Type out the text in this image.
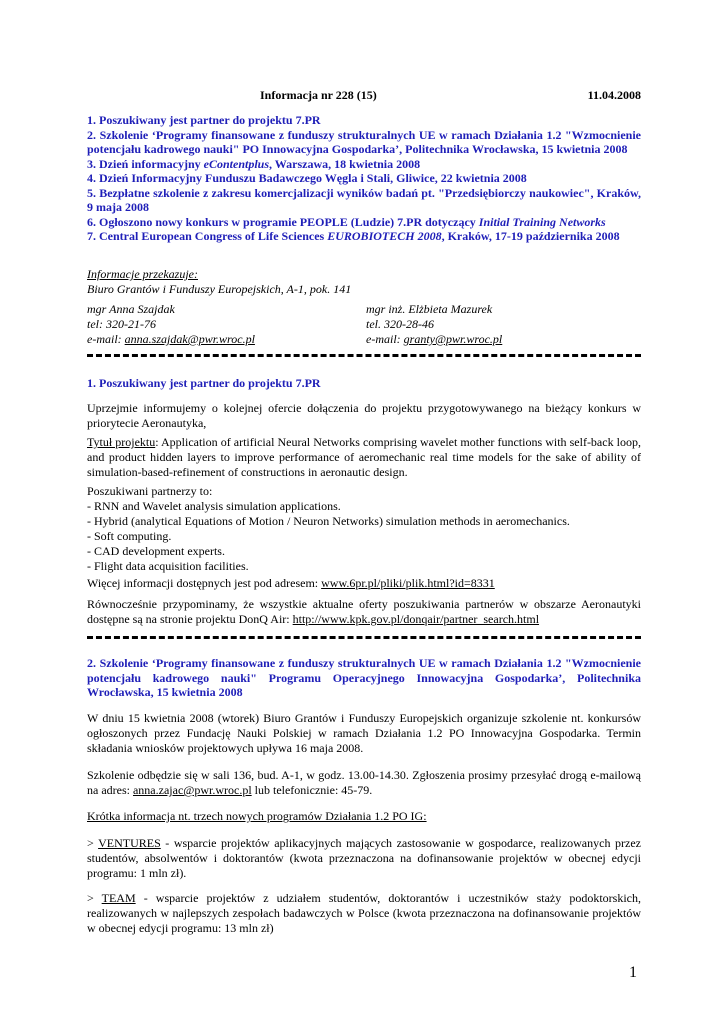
Informacja nr 228 (15)	11.04.2008
1. Poszukiwany jest partner do projektu 7.PR
2. Szkolenie ‘Programy finansowane z funduszy strukturalnych UE w ramach Działania 1.2 "Wzmocnienie potencjału kadrowego nauki" PO Innowacyjna Gospodarka’, Politechnika Wrocławska, 15 kwietnia 2008
3. Dzień informacyjny eContentplus, Warszawa, 18 kwietnia 2008
4. Dzień Informacyjny Funduszu Badawczego Węgla i Stali, Gliwice, 22 kwietnia 2008
5. Bezpłatne szkolenie z zakresu komercjalizacji wyników badań pt. "Przedsiębiorczy naukowiec", Kraków, 9 maja 2008
6. Ogłoszono nowy konkurs w programie PEOPLE (Ludzie) 7.PR dotyczący Initial Training Networks
7. Central European Congress of Life Sciences EUROBIOTECH 2008, Kraków, 17-19 października 2008
Informacje przekazuje:
Biuro Grantów i Funduszy Europejskich, A-1, pok. 141
mgr Anna Szajdak
tel: 320-21-76
e-mail: anna.szajdak@pwr.wroc.pl
mgr inż. Elżbieta Mazurek
tel. 320-28-46
e-mail: granty@pwr.wroc.pl
1. Poszukiwany jest partner do projektu 7.PR
Uprzejmie informujemy o kolejnej ofercie dołączenia do projektu przygotowywanego na bieżący konkurs w priorytecie Aeronautyka,
Tytuł projektu: Application of artificial Neural Networks comprising wavelet mother functions with self-back loop, and product hidden layers to improve performance of aeromechanic real time models for the sake of ability of simulation-based-refinement of constructions in aeronautic design.
Poszukiwani partnerzy to:
- RNN and Wavelet analysis simulation applications.
- Hybrid (analytical Equations of Motion / Neuron Networks) simulation methods in aeromechanics.
- Soft computing.
- CAD development experts.
- Flight data acquisition facilities.
Więcej informacji dostępnych jest pod adresem: www.6pr.pl/pliki/plik.html?id=8331
Równocześnie przypominamy, że wszystkie aktualne oferty poszukiwania partnerów w obszarze Aeronautyki dostępne są na stronie projektu DonQ Air: http://www.kpk.gov.pl/donqair/partner_search.html
2. Szkolenie ‘Programy finansowane z funduszy strukturalnych UE w ramach Działania 1.2 "Wzmocnienie potencjału kadrowego nauki" Programu Operacyjnego Innowacyjna Gospodarka’, Politechnika Wrocławska, 15 kwietnia 2008
W dniu 15 kwietnia 2008 (wtorek) Biuro Grantów i Funduszy Europejskich organizuje szkolenie nt. konkursów ogłoszonych przez Fundację Nauki Polskiej w ramach Działania 1.2 PO Innowacyjna Gospodarka. Termin składania wniosków projektowych upływa 16 maja 2008.
Szkolenie odbędzie się w sali 136, bud. A-1, w godz. 13.00-14.30. Zgłoszenia prosimy przesyłać drogą e-mailową na adres: anna.zajac@pwr.wroc.pl lub telefonicznie: 45-79.
Krótka informacja nt. trzech nowych programów Działania 1.2 PO IG:
> VENTURES - wsparcie projektów aplikacyjnych mających zastosowanie w gospodarce, realizowanych przez studentów, absolwentów i doktorantów (kwota przeznaczona na dofinansowanie projektów w obecnej edycji programu: 1 mln zł).
> TEAM - wsparcie projektów z udziałem studentów, doktorantów i uczestników staży podoktorskich, realizowanych w najlepszych zespołach badawczych w Polsce (kwota przeznaczona na dofinansowanie projektów w obecnej edycji programu: 13 mln zł)
1
